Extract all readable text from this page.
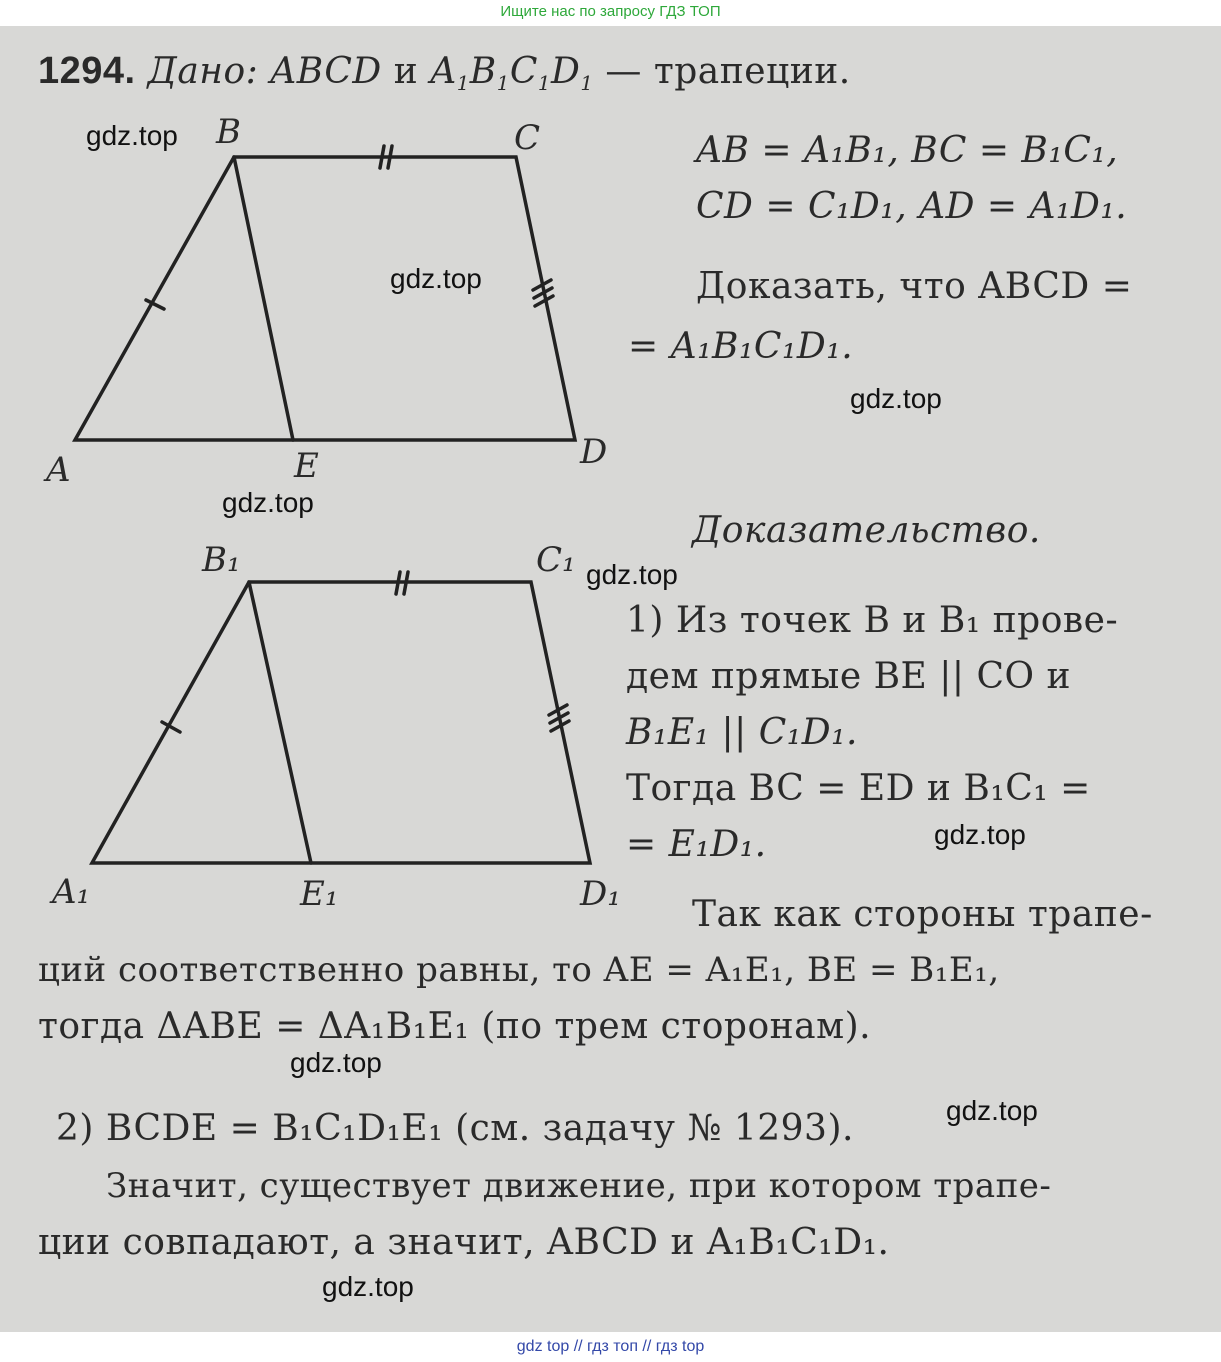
Ищите нас по запросу ГДЗ ТОП
A
B	C
D
E
A₁
B₁	C₁
D₁
E₁
1294. Дано: ABCD и $A_1B_1C_1D_1$ — трапеции.
AB = A₁B₁, BC = B₁C₁,
CD = C₁D₁, AD = A₁D₁.
Доказать, что ABCD =
= A₁B₁C₁D₁.
Доказательство.
1) Из точек B и B₁ прове-
дем прямые BE || CO и
B₁E₁ || C₁D₁.
Тогда BC = ED и B₁C₁ =
= E₁D₁.
Так как стороны трапе-
ций соответственно равны, то AE = A₁E₁, BE = B₁E₁,
тогда ΔABE = ΔA₁B₁E₁ (по трем сторонам).
2) BCDE = B₁C₁D₁E₁ (см. задачу № 1293).
Значит, существует движение, при котором трапе-
ции совпадают, а значит, ABCD и A₁B₁C₁D₁.
gdz.top
gdz.top
gdz.top
gdz.top
gdz.top
gdz.top
gdz.top
gdz.top
gdz.top
gdz top // гдз топ // гдз top
